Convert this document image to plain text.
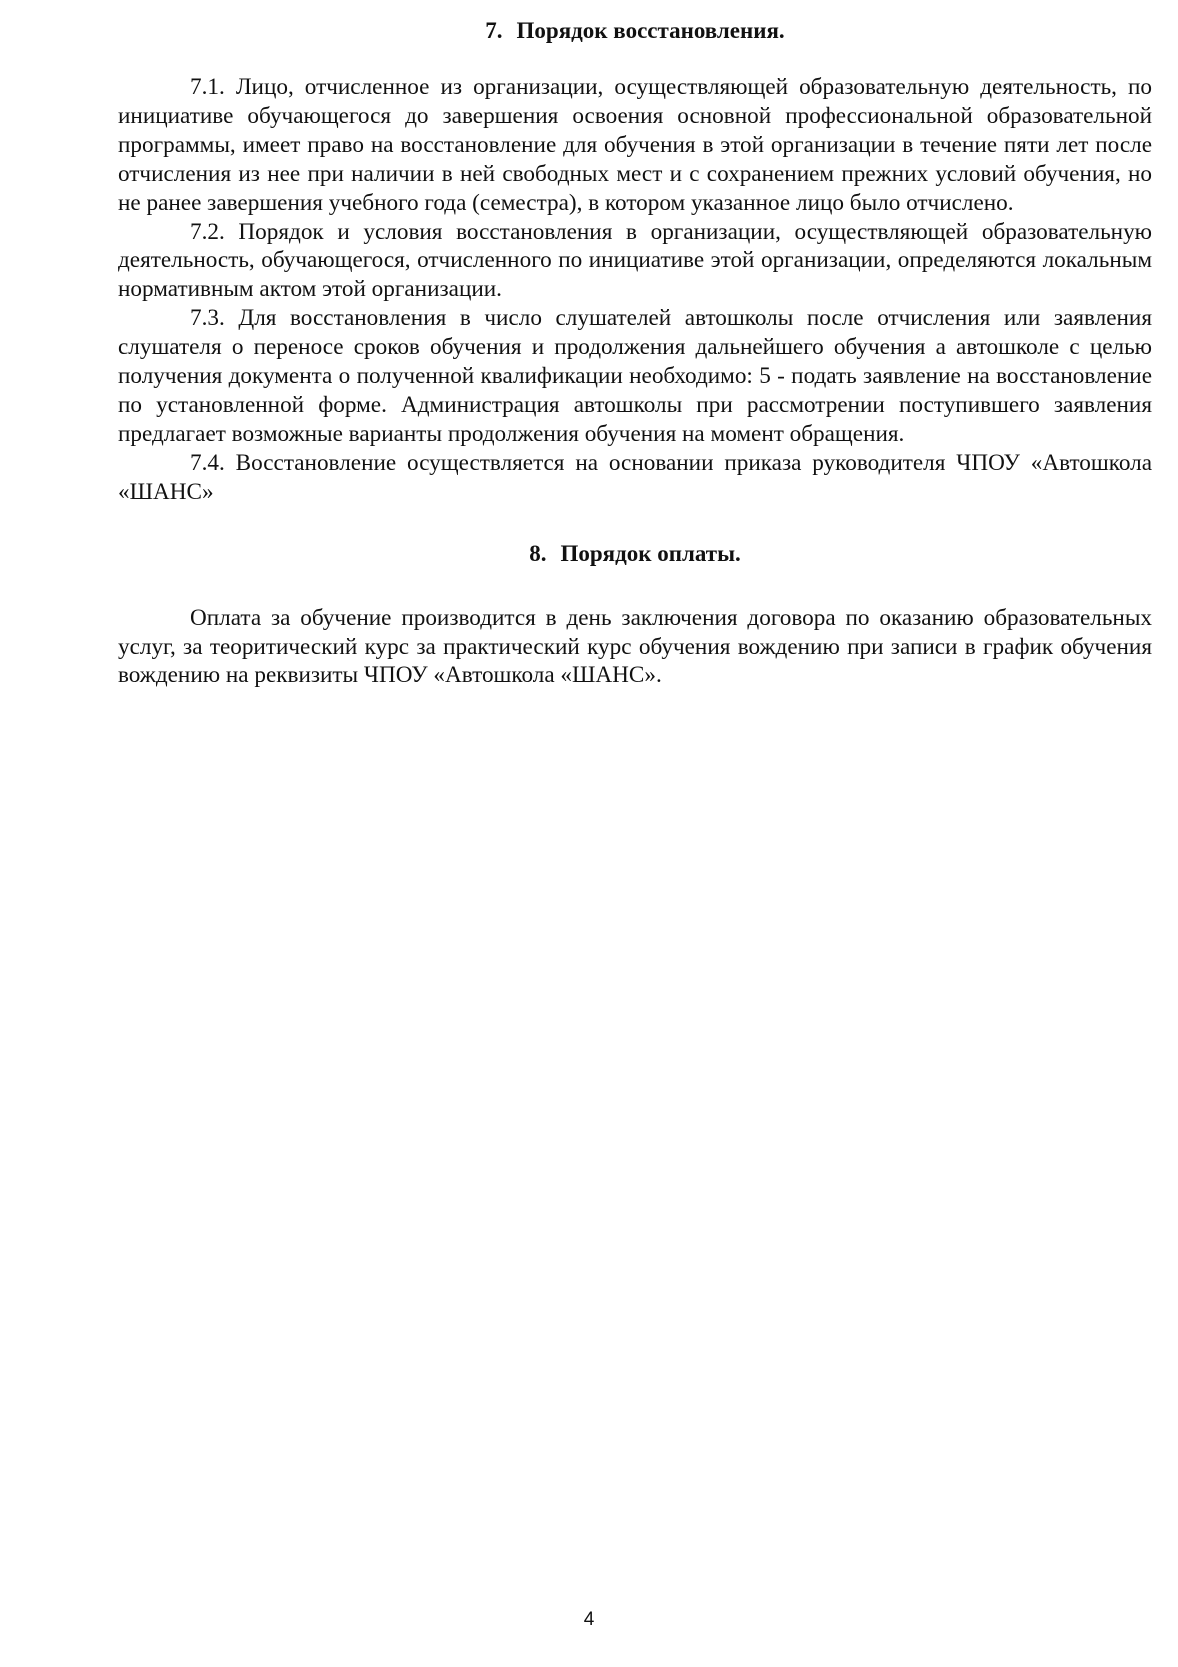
7. Порядок восстановления.

7.1. Лицо, отчисленное из организации, осуществляющей образовательную деятельность, по инициативе обучающегося до завершения освоения основной профессиональной образовательной программы, имеет право на восстановление для обучения в этой организации в течение пяти лет после отчисления из нее при наличии в ней свободных мест и с сохранением прежних условий обучения, но не ранее завершения учебного года (семестра), в котором указанное лицо было отчислено.

7.2. Порядок и условия восстановления в организации, осуществляющей образовательную деятельность, обучающегося, отчисленного по инициативе этой организации, определяются локальным нормативным актом этой организации.

7.3. Для восстановления в число слушателей автошколы после отчисления или заявления слушателя о переносе сроков обучения и продолжения дальнейшего обучения а автошколе с целью получения документа о полученной квалификации необходимо: 5 - подать заявление на восстановление по установленной форме. Администрация автошколы при рассмотрении поступившего заявления предлагает возможные варианты продолжения обучения на момент обращения.

7.4. Восстановление осуществляется на основании приказа руководителя ЧПОУ «Автошкола «ШАНС»

8. Порядок оплаты.

Оплата за обучение производится в день заключения договора по оказанию образовательных услуг, за теоритический курс за практический курс обучения вождению при записи в график обучения вождению на реквизиты ЧПОУ «Автошкола «ШАНС».

4
